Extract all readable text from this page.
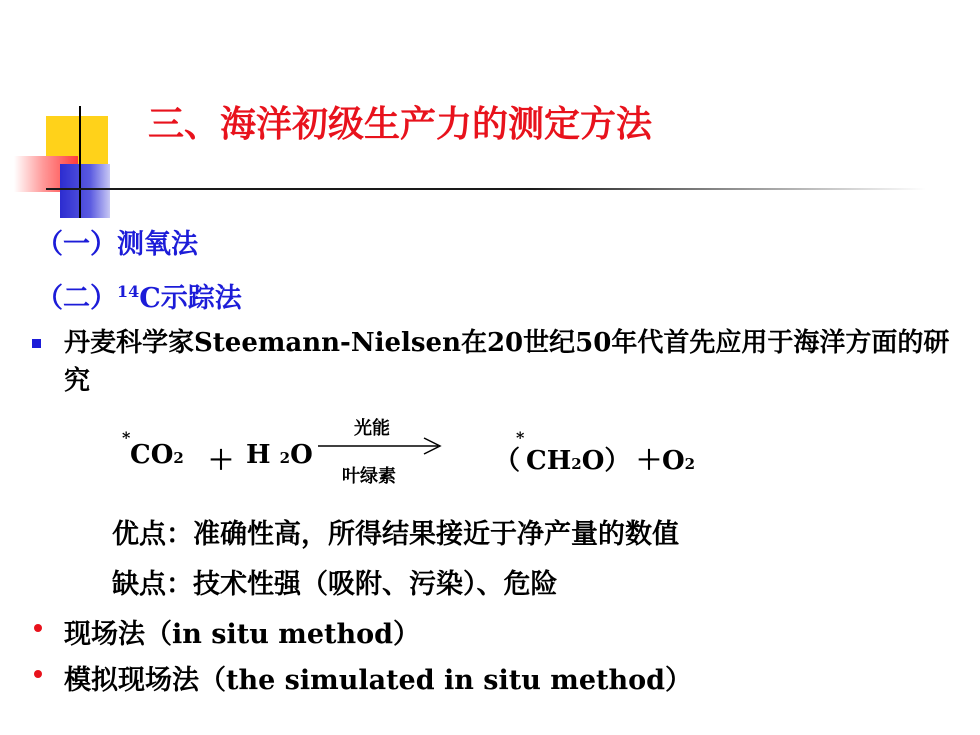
三、海洋初级生产力的测定方法
（一）测氧法
（二）$^{14}$C示踪法
丹麦科学家Steemann-Nielsen在20世纪50年代首先应用于海洋方面的研究
*
CO2 ＋ H 2O
光能
叶绿素
（
*
CH2O） ＋O2
优点：准确性高，所得结果接近于净产量的数值
缺点：技术性强（吸附、污染）、危险
现场法（in situ method）
模拟现场法（the simulated in situ method）
